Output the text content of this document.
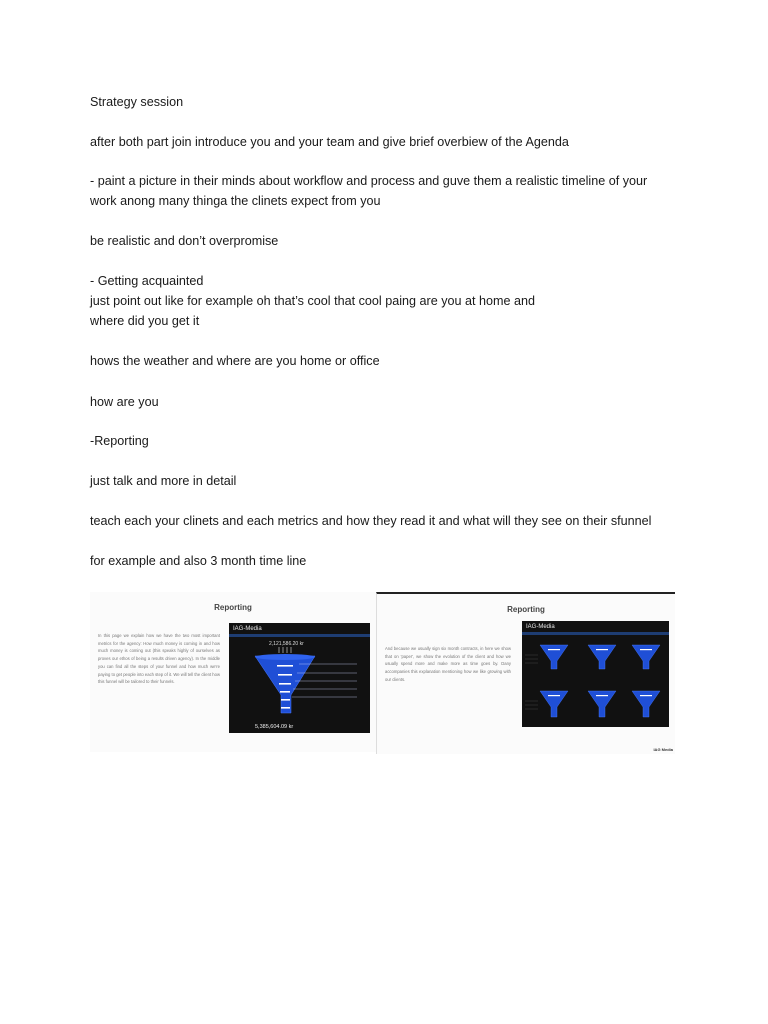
Strategy session

after both part join introduce you and your team and give brief overbiew of the Agenda

- paint a picture in their minds about workflow and process and guve them a realistic timeline of your

work anong many thinga the clinets expect from you

be realistic and don’t overpromise

- Getting acquainted

just point out like for example oh that’s cool that cool paing are you at home and

where did you get it

hows the weather and where are you home or office

how are you

-Reporting

just talk and more in detail

teach each your clinets and each metrics and how they read it and what will they see on their sfunnel

for example and also 3 month time line

Reporting
In this page we explain how we have the two most important metrics for the agency: How much money is coming in and how much money is coming out (this speaks highly of ourselves as proves our ethos of being a results driven agency). In the middle you can find all the steps of your funnel and how much we're paying to get people into each step of it. We will tell the client how this funnel will be tailored to their funnels.
IAG-Media
2,121,586.20 kr
5,385,604.09 kr
Reporting
And because we usually sign six month contracts, in here we show that on 'paper', we show the evolution of the client and how we usually spend more and make more as time goes by. Dany accompanies this explanation mentioning how we like growing with our clients.
IAG-Media
IAG Media
